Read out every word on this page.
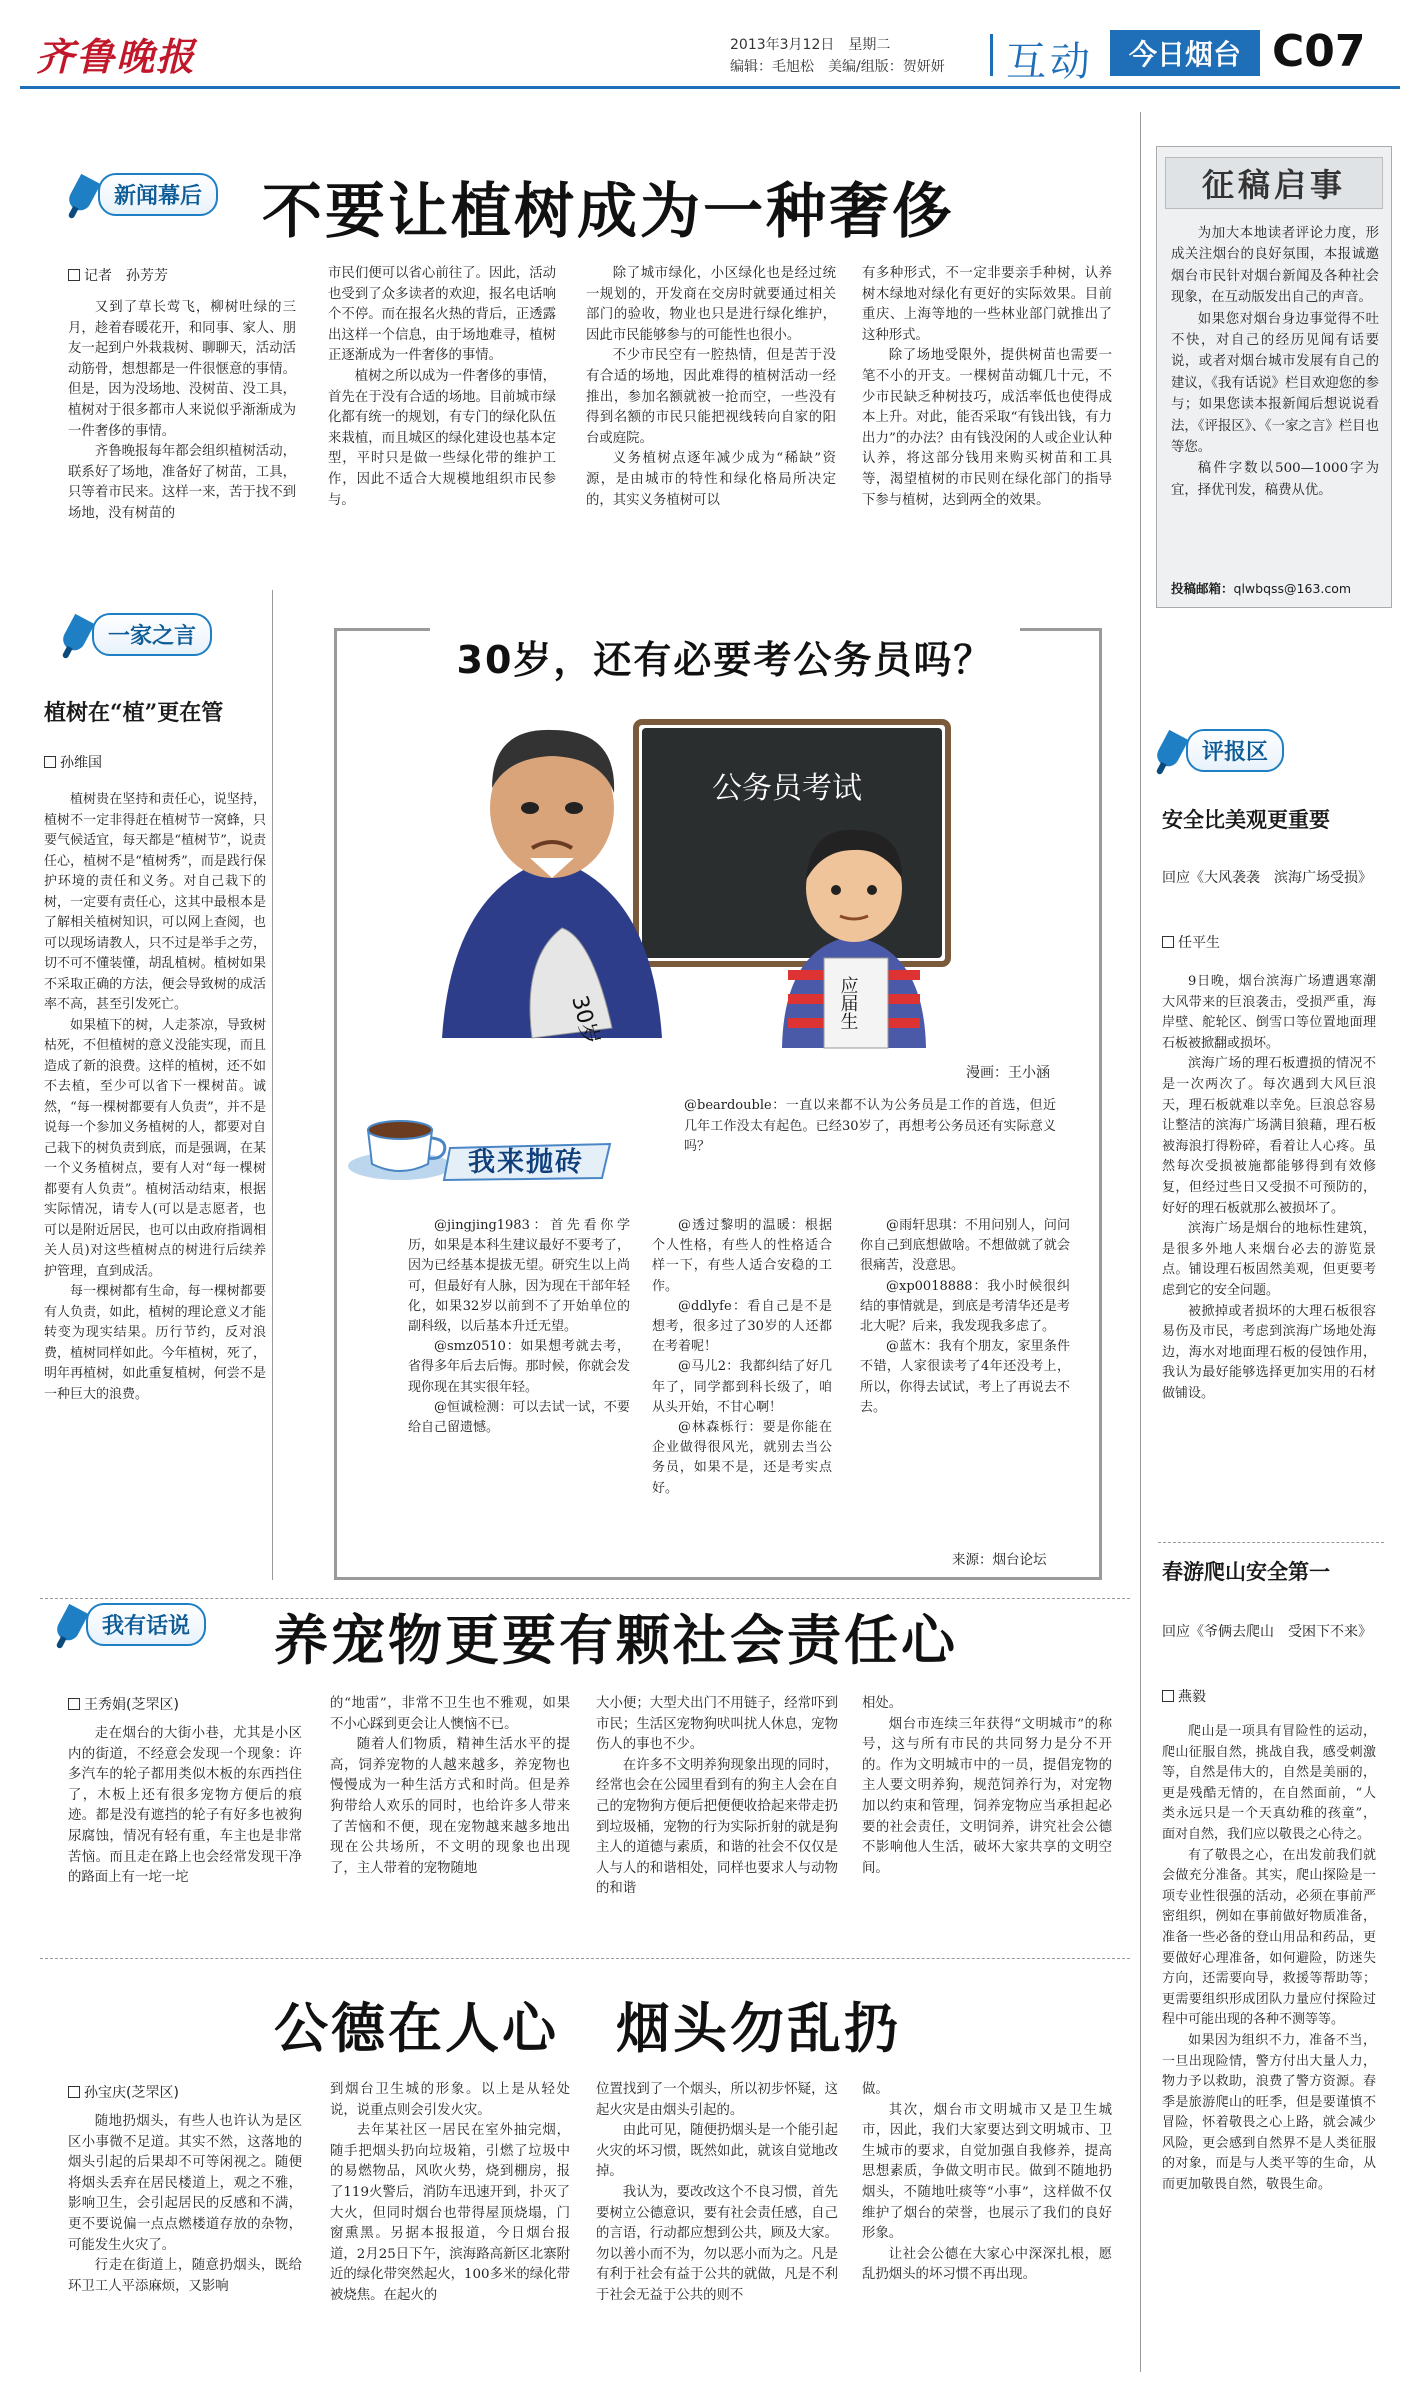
齐鲁晚报	2013年3月12日　 星期二
编辑：毛旭松　美编/组版：贺妍妍 互动 今日烟台 C07
新闻幕后 不要让植树成为一种奢侈
记者　孙芳芳

又到了草长莺飞，柳树吐绿的三月，趁着春暖花开，和同事、家人、朋友一起到户外栽栽树、聊聊天，活动活动筋骨，想想都是一件很惬意的事情。但是，因为没场地、没树苗、没工具，植树对于很多都市人来说似乎渐渐成为一件奢侈的事情。

齐鲁晚报每年都会组织植树活动，联系好了场地，准备好了树苗，工具，只等着市民来。这样一来，苦于找不到场地，没有树苗的

市民们便可以省心前往了。因此，活动也受到了众多读者的欢迎，报名电话响个不停。而在报名火热的背后，正透露出这样一个信息，由于场地难寻，植树正逐渐成为一件奢侈的事情。

植树之所以成为一件奢侈的事情，首先在于没有合适的场地。目前城市绿化都有统一的规划，有专门的绿化队伍来栽植，而且城区的绿化建设也基本定型，平时只是做一些绿化带的维护工作，因此不适合大规模地组织市民参与。

除了城市绿化，小区绿化也是经过统一规划的，开发商在交房时就要通过相关部门的验收，物业也只是进行绿化维护，因此市民能够参与的可能性也很小。

不少市民空有一腔热情，但是苦于没有合适的场地，因此难得的植树活动一经推出，参加名额就被一抢而空，一些没有得到名额的市民只能把视线转向自家的阳台或庭院。

义务植树点逐年减少成为“稀缺”资源，是由城市的特性和绿化格局所决定的，其实义务植树可以

有多种形式，不一定非要亲手种树，认养树木绿地对绿化有更好的实际效果。目前重庆、上海等地的一些林业部门就推出了这种形式。

除了场地受限外，提供树苗也需要一笔不小的开支。一棵树苗动辄几十元，不少市民缺乏种树技巧，成活率低也使得成本上升。对此，能否采取“有钱出钱，有力出力”的办法？由有钱没闲的人或企业认种认养，将这部分钱用来购买树苗和工具等，渴望植树的市民则在绿化部门的指导下参与植树，达到两全的效果。

征稿启事

为加大本地读者评论力度，形成关注烟台的良好氛围，本报诚邀烟台市民针对烟台新闻及各种社会现象，在互动版发出自己的声音。

如果您对烟台身边事觉得不吐不快，对自己的经历见闻有话要说，或者对烟台城市发展有自己的建议，《我有话说》栏目欢迎您的参与；如果您读本报新闻后想说说看法，《评报区》、《一家之言》栏目也等您。

稿件字数以500—1000字为宜，择优刊发，稿费从优。

投稿邮箱：qlwbqss@163.com
一家之言
植树在“植”更在管
孙维国

植树贵在坚持和责任心，说坚持，植树不一定非得赶在植树节一窝蜂，只要气候适宜，每天都是“植树节”，说责任心，植树不是“植树秀”，而是践行保护环境的责任和义务。对自己栽下的树，一定要有责任心，这其中最根本是了解相关植树知识，可以网上查阅，也可以现场请教人，只不过是举手之劳，切不可不懂装懂，胡乱植树。植树如果不采取正确的方法，便会导致树的成活率不高，甚至引发死亡。

如果植下的树，人走茶凉，导致树枯死，不但植树的意义没能实现，而且造成了新的浪费。这样的植树，还不如不去植，至少可以省下一棵树苗。诚然，“每一棵树都要有人负责”，并不是说每一个参加义务植树的人，都要对自己栽下的树负责到底，而是强调，在某一个义务植树点，要有人对“每一棵树都要有人负责”。植树活动结束，根据实际情况，请专人(可以是志愿者，也可以是附近居民，也可以由政府指调相关人员)对这些植树点的树进行后续养护管理，直到成活。

每一棵树都有生命，每一棵树都要有人负责，如此，植树的理论意义才能转变为现实结果。历行节约，反对浪费，植树同样如此。今年植树，死了，明年再植树，如此重复植树，何尝不是一种巨大的浪费。

30岁，还有必要考公务员吗？
30岁	应届生
公务员考试
漫画：王小涵
我来抛砖
@beardouble：一直以来都不认为公务员是工作的首选，但近几年工作没太有起色。已经30岁了，再想考公务员还有实际意义吗？

@jingjing1983：首先看你学历，如果是本科生建议最好不要考了，因为已经基本提拔无望。研究生以上尚可，但最好有人脉，因为现在干部年轻化，如果32岁以前到不了开始单位的副科级，以后基本升迁无望。

@smz0510：如果想考就去考，省得多年后去后悔。那时候，你就会发现你现在其实很年轻。

@恒诚检测：可以去试一试，不要给自己留遗憾。

@透过黎明的温暖：根据个人性格，有些人的性格适合样一下，有些人适合安稳的工作。

@ddlyfe：看自己是不是想考，很多过了30岁的人还都在考着呢！

@马儿2：我都纠结了好几年了，同学都到科长级了，咱从头开始，不甘心啊！

@林森栎行：要是你能在企业做得很风光，就别去当公务员，如果不是，还是考实点好。

@雨轩思琪：不用问别人，问问你自己到底想做啥。不想做就了就会很痛苦，没意思。

@xp0018888：我小时候很纠结的事情就是，到底是考清华还是考北大呢？后来，我发现我多虑了。

@蓝木：我有个朋友，家里条件不错，人家很读考了4年还没考上，所以，你得去试试，考上了再说去不去。

来源：烟台论坛
评报区
安全比美观更重要
回应《大风袭袭　滨海广场受损》
任平生

9日晚，烟台滨海广场遭遇寒潮大风带来的巨浪袭击，受损严重，海岸壁、舵轮区、倒雪口等位置地面理石板被掀翻或损坏。

滨海广场的理石板遭损的情况不是一次两次了。每次遇到大风巨浪天，理石板就难以幸免。巨浪总容易让整洁的滨海广场满目狼藉，理石板被海浪打得粉碎，看着让人心疼。虽然每次受损被施都能够得到有效修复，但经过些日又受损不可预防的，好好的理石板就那么被损坏了。

滨海广场是烟台的地标性建筑，是很多外地人来烟台必去的游览景点。铺设理石板固然美观，但更要考虑到它的安全问题。

被掀掉或者损坏的大理石板很容易伤及市民，考虑到滨海广场地处海边，海水对地面理石板的侵蚀作用，我认为最好能够选择更加实用的石材做铺设。

春游爬山安全第一
回应《爷俩去爬山　受困下不来》
燕毅

爬山是一项具有冒险性的运动，爬山征服自然，挑战自我，感受刺激等，自然是伟大的，自然是美丽的，更是残酷无情的，在自然面前，“人类永远只是一个天真幼稚的孩童”，面对自然，我们应以敬畏之心待之。

有了敬畏之心，在出发前我们就会做充分准备。其实，爬山探险是一项专业性很强的活动，必须在事前严密组织，例如在事前做好物质准备，准备一些必备的登山用品和药品，更要做好心理准备，如何避险，防迷失方向，还需要向导，救援等帮助等；更需要组织形成团队力量应付探险过程中可能出现的各种不测等等。

如果因为组织不力，准备不当，一旦出现险情，警方付出大量人力，物力予以救助，浪费了警方资源。春季是旅游爬山的旺季，但是要谨慎不冒险，怀着敬畏之心上路，就会减少风险，更会感到自然界不是人类征服的对象，而是与人类平等的生命，从而更加敬畏自然，敬畏生命。

我有话说 养宠物更要有颗社会责任心
王秀娟(芝罘区)

走在烟台的大街小巷，尤其是小区内的街道，不经意会发现一个现象：许多汽车的轮子都用类似木板的东西挡住了，木板上还有很多宠物方便后的痕迹。都是没有遮挡的轮子有好多也被狗尿腐蚀，情况有轻有重，车主也是非常苦恼。而且走在路上也会经常发现干净的路面上有一坨一坨

的“地雷”，非常不卫生也不雅观，如果不小心踩到更会让人懊恼不已。

随着人们物质，精神生活水平的提高，饲养宠物的人越来越多，养宠物也慢慢成为一种生活方式和时尚。但是养狗带给人欢乐的同时，也给许多人带来了苦恼和不便，现在宠物越来越多地出现在公共场所，不文明的现象也出现了，主人带着的宠物随地

大小便；大型犬出门不用链子，经常吓到市民；生活区宠物狗吠叫扰人休息，宠物伤人的事也不少。

在许多不文明养狗现象出现的同时，经常也会在公园里看到有的狗主人会在自己的宠物狗方便后把便便收拾起来带走扔到垃圾桶，宠物的行为实际折射的就是狗主人的道德与素质，和谐的社会不仅仅是人与人的和谐相处，同样也要求人与动物的和谐

相处。

烟台市连续三年获得“文明城市”的称号，这与所有市民的共同努力是分不开的。作为文明城市中的一员，提倡宠物的主人要文明养狗，规范饲养行为，对宠物加以约束和管理，饲养宠物应当承担起必要的社会责任，文明饲养，讲究社会公德不影响他人生活，破坏大家共享的文明空间。

公德在人心　烟头勿乱扔
孙宝庆(芝罘区)

随地扔烟头，有些人也许认为是区区小事微不足道。其实不然，这落地的烟头引起的后果却不可等闲视之。随便将烟头丢弃在居民楼道上，观之不雅，影响卫生，会引起居民的反感和不满，更不要说偏一点点燃楼道存放的杂物，可能发生火灾了。

行走在街道上，随意扔烟头，既给环卫工人平添麻烦，又影响

到烟台卫生城的形象。以上是从轻处说，说重点则会引发火灾。

去年某社区一居民在室外抽完烟，随手把烟头扔向垃圾箱，引燃了垃圾中的易燃物品，风吹火势，烧到棚房，报了119火警后，消防车迅速开到，扑灭了大火，但同时烟台也带得屋顶烧塌，门窗熏黑。另据本报报道，今日烟台报道，2月25日下午，滨海路高新区北寨附近的绿化带突然起火，100多米的绿化带被烧焦。在起火的

位置找到了一个烟头，所以初步怀疑，这起火灾是由烟头引起的。

由此可见，随便扔烟头是一个能引起火灾的坏习惯，既然如此，就该自觉地改掉。

我认为，要改改这个不良习惯，首先要树立公德意识，要有社会责任感，自己的言语，行动都应想到公共，顾及大家。勿以善小而不为，勿以恶小而为之。凡是有利于社会有益于公共的就做，凡是不利于社会无益于公共的则不

做。

其次，烟台市文明城市又是卫生城市，因此，我们大家要达到文明城市、卫生城市的要求，自觉加强自我修养，提高思想素质，争做文明市民。做到不随地扔烟头，不随地吐痰等“小事”，这样做不仅维护了烟台的荣誉，也展示了我们的良好形象。

让社会公德在大家心中深深扎根，愿乱扔烟头的坏习惯不再出现。
